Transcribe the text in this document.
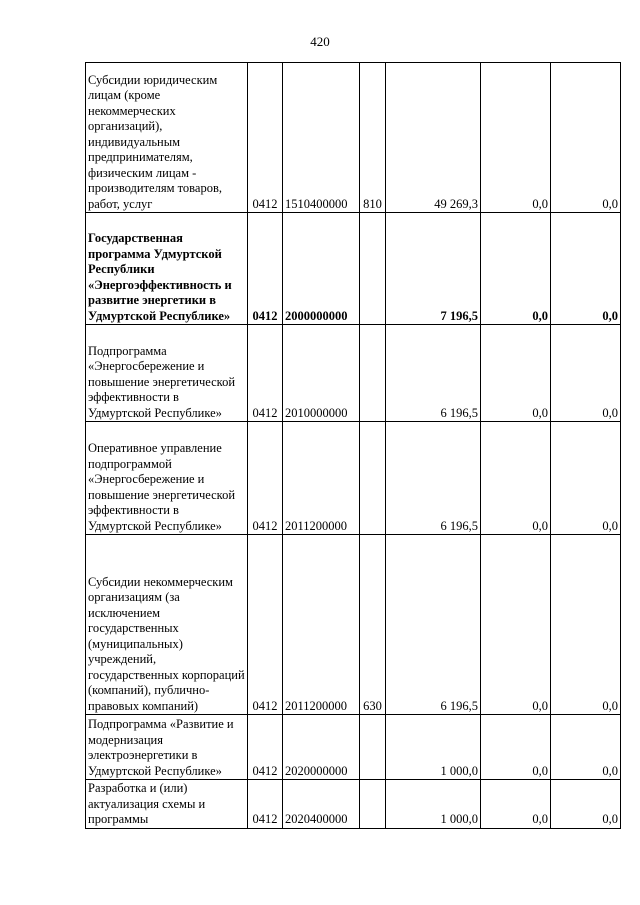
420
Субсидии юридическим лицам (кроме некоммерческих организаций), индивидуальным предпринимателям, физическим лицам - производителям товаров, работ, услуг	0412	1510400000	810	49 269,3	0,0	0,0
Государственная программа Удмуртской Республики «Энергоэффективность и развитие энергетики в Удмуртской Республике»	0412	2000000000		7 196,5	0,0	0,0
Подпрограмма «Энергосбережение и повышение энергетической эффективности в Удмуртской Республике»	0412	2010000000		6 196,5	0,0	0,0
Оперативное управление подпрограммой «Энергосбережение и повышение энергетической эффективности в Удмуртской Республике»	0412	2011200000		6 196,5	0,0	0,0
Субсидии некоммерческим организациям (за исключением государственных (муниципальных) учреждений, государственных корпораций (компаний), публично-правовых компаний)	0412	2011200000	630	6 196,5	0,0	0,0
Подпрограмма «Развитие и модернизация электроэнергетики в Удмуртской Республике»	0412	2020000000		1 000,0	0,0	0,0
Разработка и (или) актуализация схемы и программы	0412	2020400000		1 000,0	0,0	0,0
